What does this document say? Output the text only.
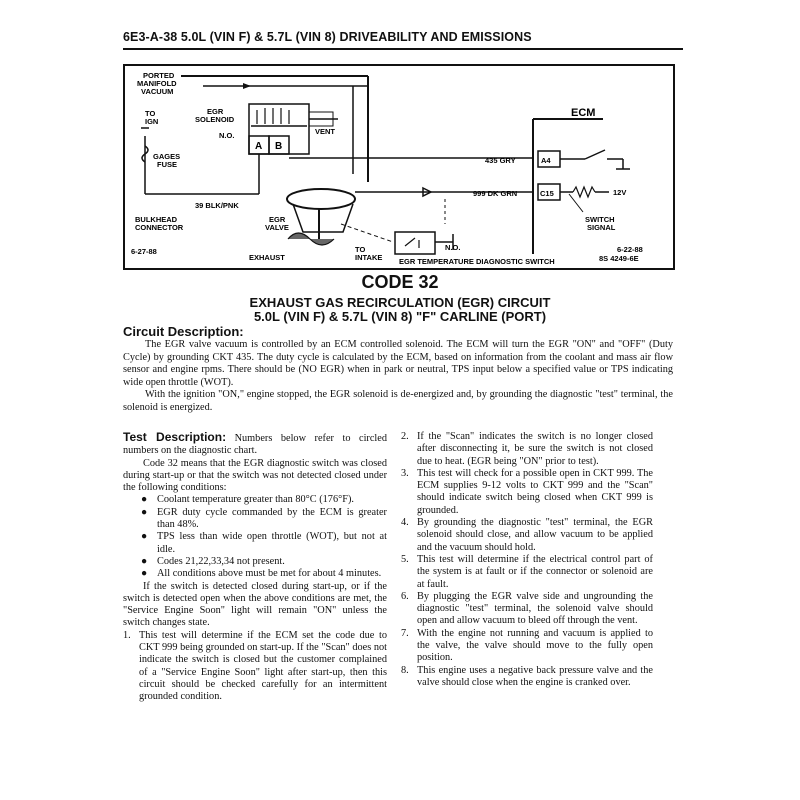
6E3-A-38 5.0L (VIN F) & 5.7L (VIN 8) DRIVEABILITY AND EMISSIONS
PORTED
MANIFOLD
VACUUM
TO
IGN
EGR
SOLENOID
N.O.	VENT
A B
GAGES
FUSE
39 BLK/PNK
BULKHEAD
CONNECTOR
EGR
VALVE
EXHAUST
TO
INTAKE
N.O.
EGR TEMPERATURE DIAGNOSTIC SWITCH
ECM
435 GRY	A4
999 DK GRN	C15	12V
SWITCH
SIGNAL
6-27-88	6-22-88
8S 4249-6E
CODE 32
EXHAUST GAS RECIRCULATION (EGR) CIRCUIT
5.0L (VIN F) & 5.7L (VIN 8) "F" CARLINE (PORT)
Circuit Description:

The EGR valve vacuum is controlled by an ECM controlled solenoid. The ECM will turn the EGR "ON" and "OFF" (Duty Cycle) by grounding CKT 435. The duty cycle is calculated by the ECM, based on information from the coolant and mass air flow sensor and engine rpms. There should be (NO EGR) when in park or neutral, TPS input below a specified value or TPS indicating wide open throttle (WOT).

With the ignition "ON," engine stopped, the EGR solenoid is de-energized and, by grounding the diagnostic "test" terminal, the solenoid is energized.

Test Description: Numbers below refer to circled numbers on the diagnostic chart.

Code 32 means that the EGR diagnostic switch was closed during start-up or that the switch was not detected closed under the following conditions:

● Coolant temperature greater than 80°C (176°F).
● EGR duty cycle commanded by the ECM is greater than 48%.
● TPS less than wide open throttle (WOT), but not at idle.
● Codes 21,22,33,34 not present.
● All conditions above must be met for about 4 minutes.

If the switch is detected closed during start-up, or if the switch is detected open when the above conditions are met, the "Service Engine Soon" light will remain "ON" unless the switch changes state.

1. This test will determine if the ECM set the code due to CKT 999 being grounded on start-up. If the "Scan" does not indicate the switch is closed but the customer complained of a "Service Engine Soon" light after start-up, then this circuit should be checked carefully for an intermittent grounded condition.
2. If the "Scan" indicates the switch is no longer closed after disconnecting it, be sure the switch is not closed due to heat. (EGR being "ON" prior to test).
3. This test will check for a possible open in CKT 999. The ECM supplies 9-12 volts to CKT 999 and the "Scan" should indicate switch being closed when CKT 999 is grounded.
4. By grounding the diagnostic "test" terminal, the EGR solenoid should close, and allow vacuum to be applied and the vacuum should hold.
5. This test will determine if the electrical control part of the system is at fault or if the connector or solenoid are at fault.
6. By plugging the EGR valve side and ungrounding the diagnostic "test" terminal, the solenoid valve should open and allow vacuum to bleed off through the vent.
7. With the engine not running and vacuum is applied to the valve, the valve should move to the fully open position.
8. This engine uses a negative back pressure valve and the valve should close when the engine is cranked over.
